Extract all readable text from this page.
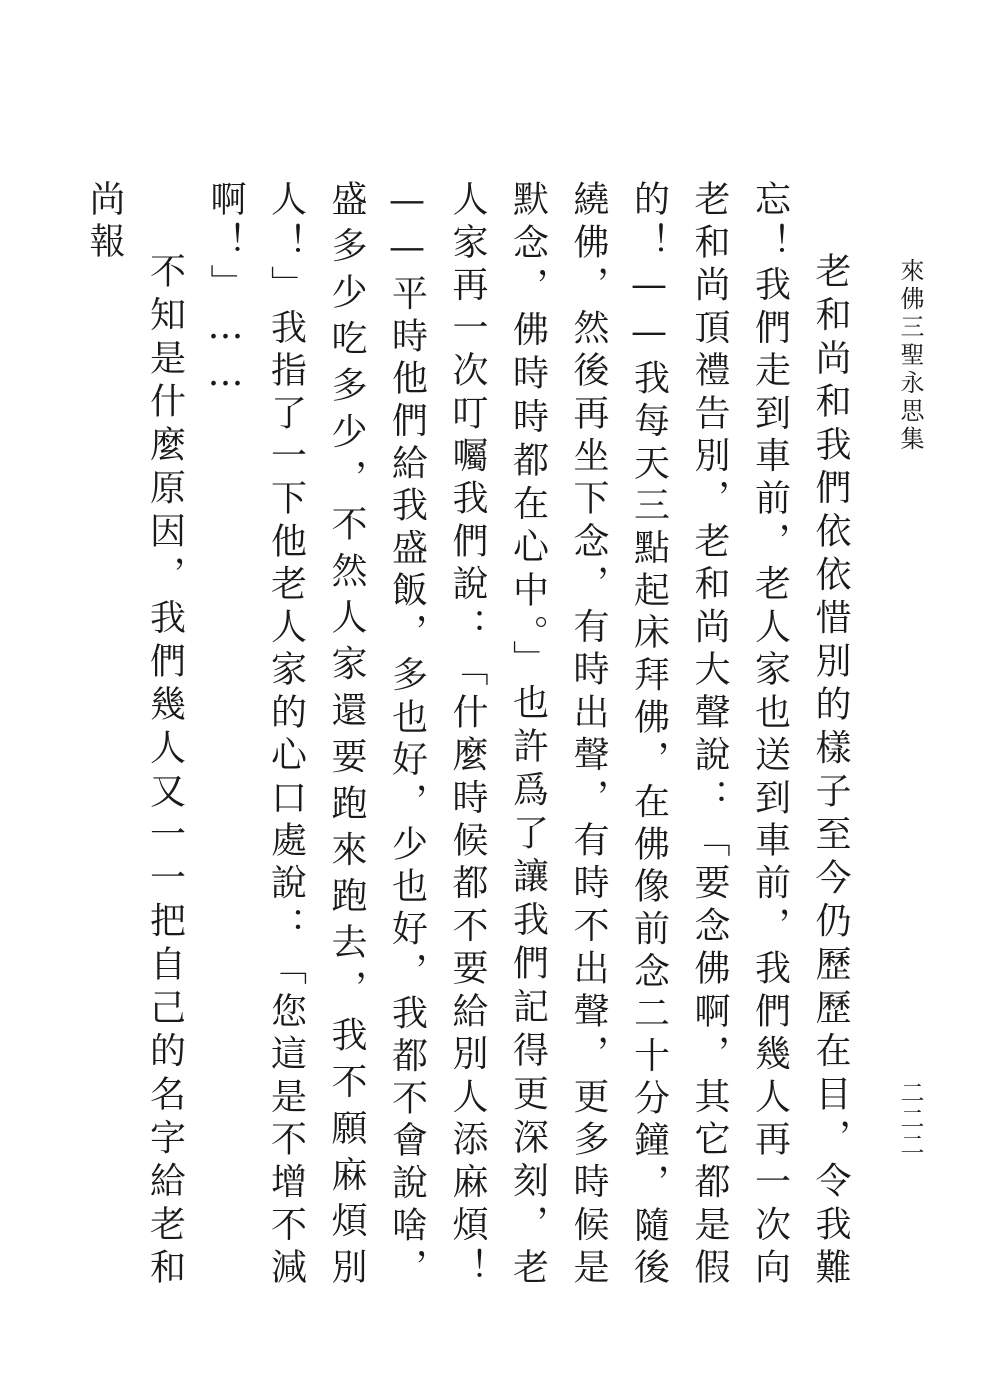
來佛三聖永思集
二二二

老和尚和我們依依惜別的樣子至今仍歷歷在目，令我難忘！我們走到車前，老人家也送到車前，我們幾人再一次向老和尚頂禮告別，老和尚大聲說：「要念佛啊，其它都是假的！——我每天三點起床拜佛，在佛像前念二十分鐘，隨後繞佛，然後再坐下念，有時出聲，有時不出聲，更多時候是默念，佛時時都在心中。」也許爲了讓我們記得更深刻，老人家再一次叮囑我們說：「什麼時候都不要給別人添麻煩！——平時他們給我盛飯，多也好，少也好，我都不會說啥，盛多少吃多少，不然人家還要跑來跑去，我不願麻煩別人！」我指了一下他老人家的心口處說：「您這是不增不減啊！」……

不知是什麼原因，我們幾人又一一把自己的名字給老和尚報
